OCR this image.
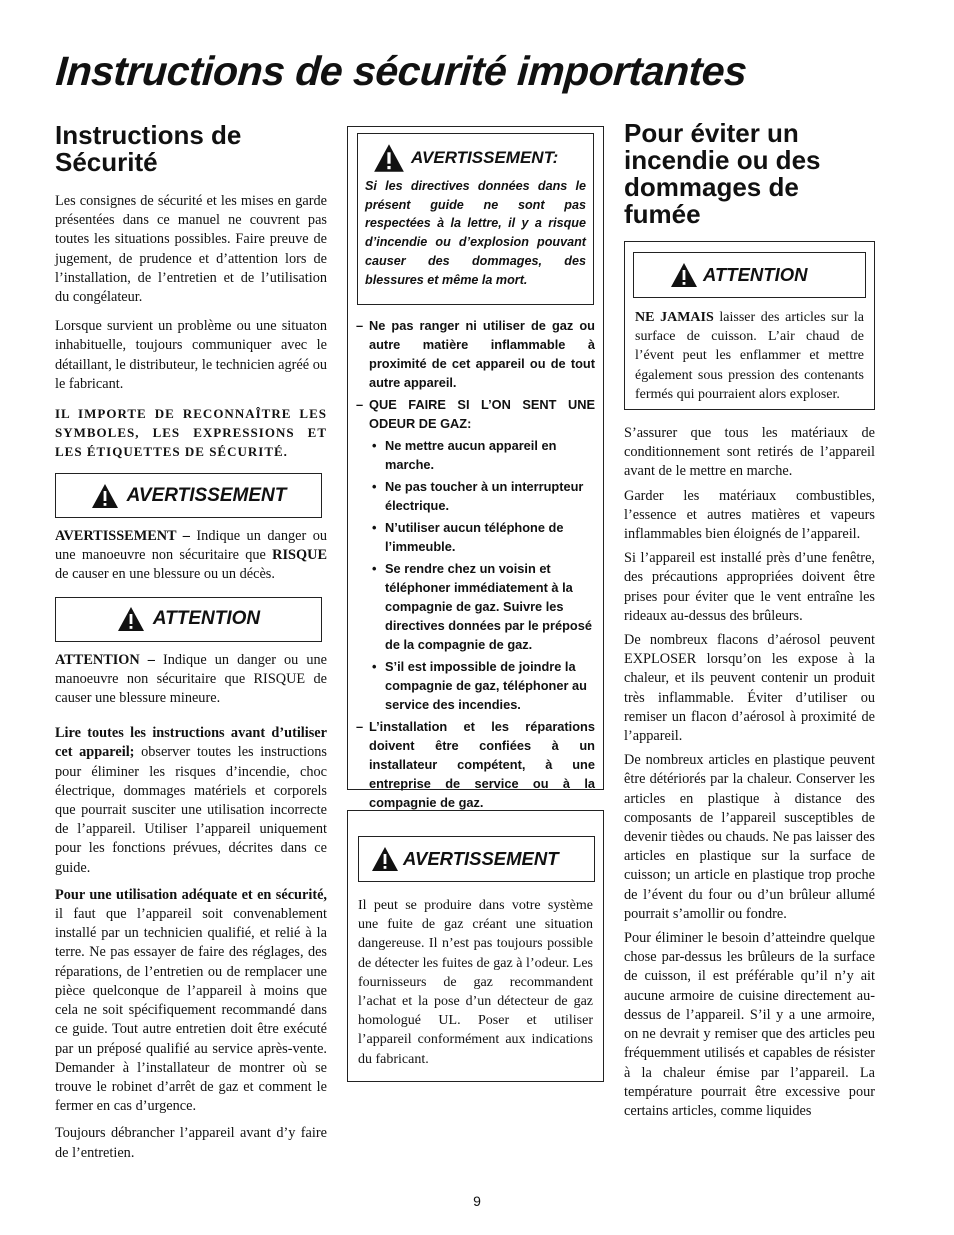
Instructions de sécurité importantes
Instructions de Sécurité

Les consignes de sécurité et les mises en garde présentées dans ce manuel ne couvrent pas toutes les situations possibles. Faire preuve de jugement, de prudence et d’attention lors de l’installation, de l’entretien et de l’utilisation du congélateur.

Lorsque survient un problème ou une situaton inhabituelle, toujours communiquer avec le détaillant, le distributeur, le technicien agréé ou le fabricant.

IL IMPORTE DE RECONNAÎTRE LES SYMBOLES, LES EXPRESSIONS ET LES ÉTIQUETTES DE SÉCURITÉ.

AVERTISSEMENT

AVERTISSEMENT – Indique un danger ou une manoeuvre non sécuritaire que RISQUE de causer en une blessure ou un décès.

ATTENTION

ATTENTION – Indique un danger ou une manoeuvre non sécuritaire que RISQUE de causer une blessure mineure.

Lire toutes les instructions avant d’utiliser cet appareil; observer toutes les instructions pour éliminer les risques d’incendie, choc électrique, dommages matériels et corporels que pourrait susciter une utilisation incorrecte de l’appareil. Utiliser l’appareil uniquement pour les fonctions prévues, décrites dans ce guide.

Pour une utilisation adéquate et en sécurité, il faut que l’appareil soit convenablement installé par un technicien qualifié, et relié à la terre. Ne pas essayer de faire des réglages, des réparations, de l’entretien ou de remplacer une pièce quelconque de l’appareil à moins que cela ne soit spécifiquement recommandé dans ce guide. Tout autre entretien doit être exécuté par un préposé qualifié au service après-vente. Demander à l’installateur de montrer où se trouve le robinet d’arrêt de gaz et comment le fermer en cas d’urgence.

Toujours débrancher l’appareil avant d’y faire de l’entretien.

AVERTISSEMENT:
Si les directives données dans le présent guide ne sont pas respectées à la lettre, il y a risque d’incendie ou d’explosion pouvant causer des dommages, des blessures et même la mort.
– Ne pas ranger ni utiliser de gaz ou autre matière inflammable à proximité de cet appareil ou de tout autre appareil.
– QUE FAIRE SI L’ON SENT UNE ODEUR DE GAZ:
• Ne mettre aucun appareil en marche.
• Ne pas toucher à un interrupteur électrique.
• N’utiliser aucun téléphone de l’immeuble.
• Se rendre chez un voisin et téléphoner immédiatement à la compagnie de gaz. Suivre les directives données par le préposé de la compagnie de gaz.
• S’il est impossible de joindre la compagnie de gaz, téléphoner au service des incendies.
– L’installation et les réparations doivent être confiées à un installateur compétent, à une entreprise de service ou à la compagnie de gaz.
AVERTISSEMENT

Il peut se produire dans votre système une fuite de gaz créant une situation dangereuse. Il n’est pas toujours possible de détecter les fuites de gaz à l’odeur. Les fournisseurs de gaz recommandent l’achat et la pose d’un détecteur de gaz homologué UL. Poser et utiliser l’appareil conformément aux indications du fabricant.

Pour éviter un incendie ou des dommages de fumée
ATTENTION

NE JAMAIS laisser des articles sur la surface de cuisson. L’air chaud de l’évent peut les enflammer et mettre également sous pression des contenants fermés qui pourraient alors exploser.

S’assurer que tous les matériaux de conditionnement sont retirés de l’appareil avant de le mettre en marche.

Garder les matériaux combustibles, l’essence et autres matières et vapeurs inflammables bien éloignés de l’appareil.

Si l’appareil est installé près d’une fenêtre, des précautions appropriées doivent être prises pour éviter que le vent entraîne les rideaux au-dessus des brûleurs.

De nombreux flacons d’aérosol peuvent EXPLOSER lorsqu’on les expose à la chaleur, et ils peuvent contenir un produit très inflammable. Éviter d’utiliser ou remiser un flacon d’aérosol à proximité de l’appareil.

De nombreux articles en plastique peuvent être détériorés par la chaleur. Conserver les articles en plastique à distance des composants de l’appareil susceptibles de devenir tièdes ou chauds. Ne pas laisser des articles en plastique sur la surface de cuisson; un article en plastique trop proche de l’évent du four ou d’un brûleur allumé pourrait s’amollir ou fondre.

Pour éliminer le besoin d’atteindre quelque chose par-dessus les brûleurs de la surface de cuisson, il est préférable qu’il n’y ait aucune armoire de cuisine directement au-dessus de l’appareil. S’il y a une armoire, on ne devrait y remiser que des articles peu fréquemment utilisés et capables de résister à la chaleur émise par l’appareil. La température pourrait être excessive pour certains articles, comme liquides

9
